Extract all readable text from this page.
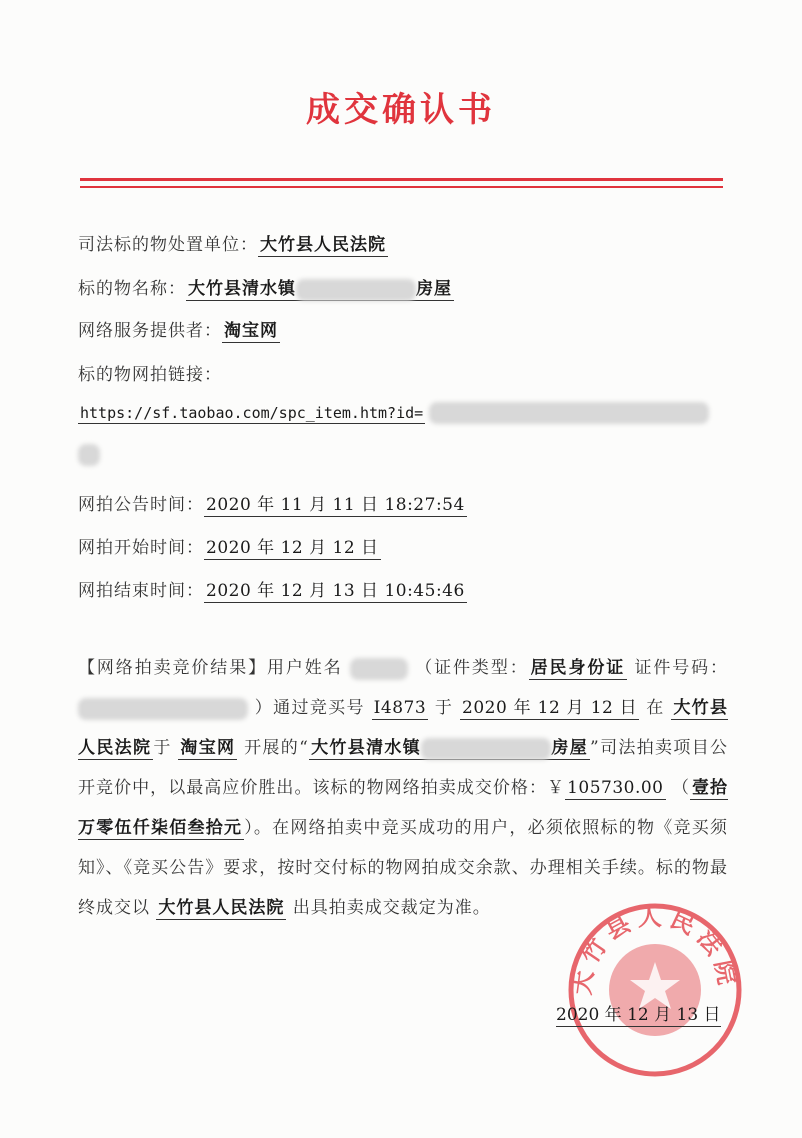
成交确认书
司法标的物处置单位： 大竹县人民法院
标的物名称： 大竹县清水镇	房屋
网络服务提供者： 淘宝网
标的物网拍链接：
https://sf.taobao.com/spc_item.htm?id=
网拍公告时间： 2020 年 11 月 11 日 18:27:54
网拍开始时间： 2020 年 12 月 12 日
网拍结束时间： 2020 年 12 月 13 日 10:45:46
【网络拍卖竞价结果】用户姓名	（证件类型： 居民身份证 证件号码：  ）通过竞买号 I4873 于 2020 年 12 月 12 日 在 大竹县人民法院 于 淘宝网 开展的“ 大竹县清水镇	房屋 ”司法拍卖项目公开竞价中，以最高应价胜出。该标的物网络拍卖成交价格：￥ 105730.00 （ 壹拾万零伍仟柒佰叁拾元 ）。在网络拍卖中竞买成功的用户，必须依照标的物《竞买须知》、《竞买公告》要求，按时交付标的物网拍成交余款、办理相关手续。标的物最终成交以 大竹县人民法院 出具拍卖成交裁定为准。
大竹县人民法院
2020 年 12 月 13 日
